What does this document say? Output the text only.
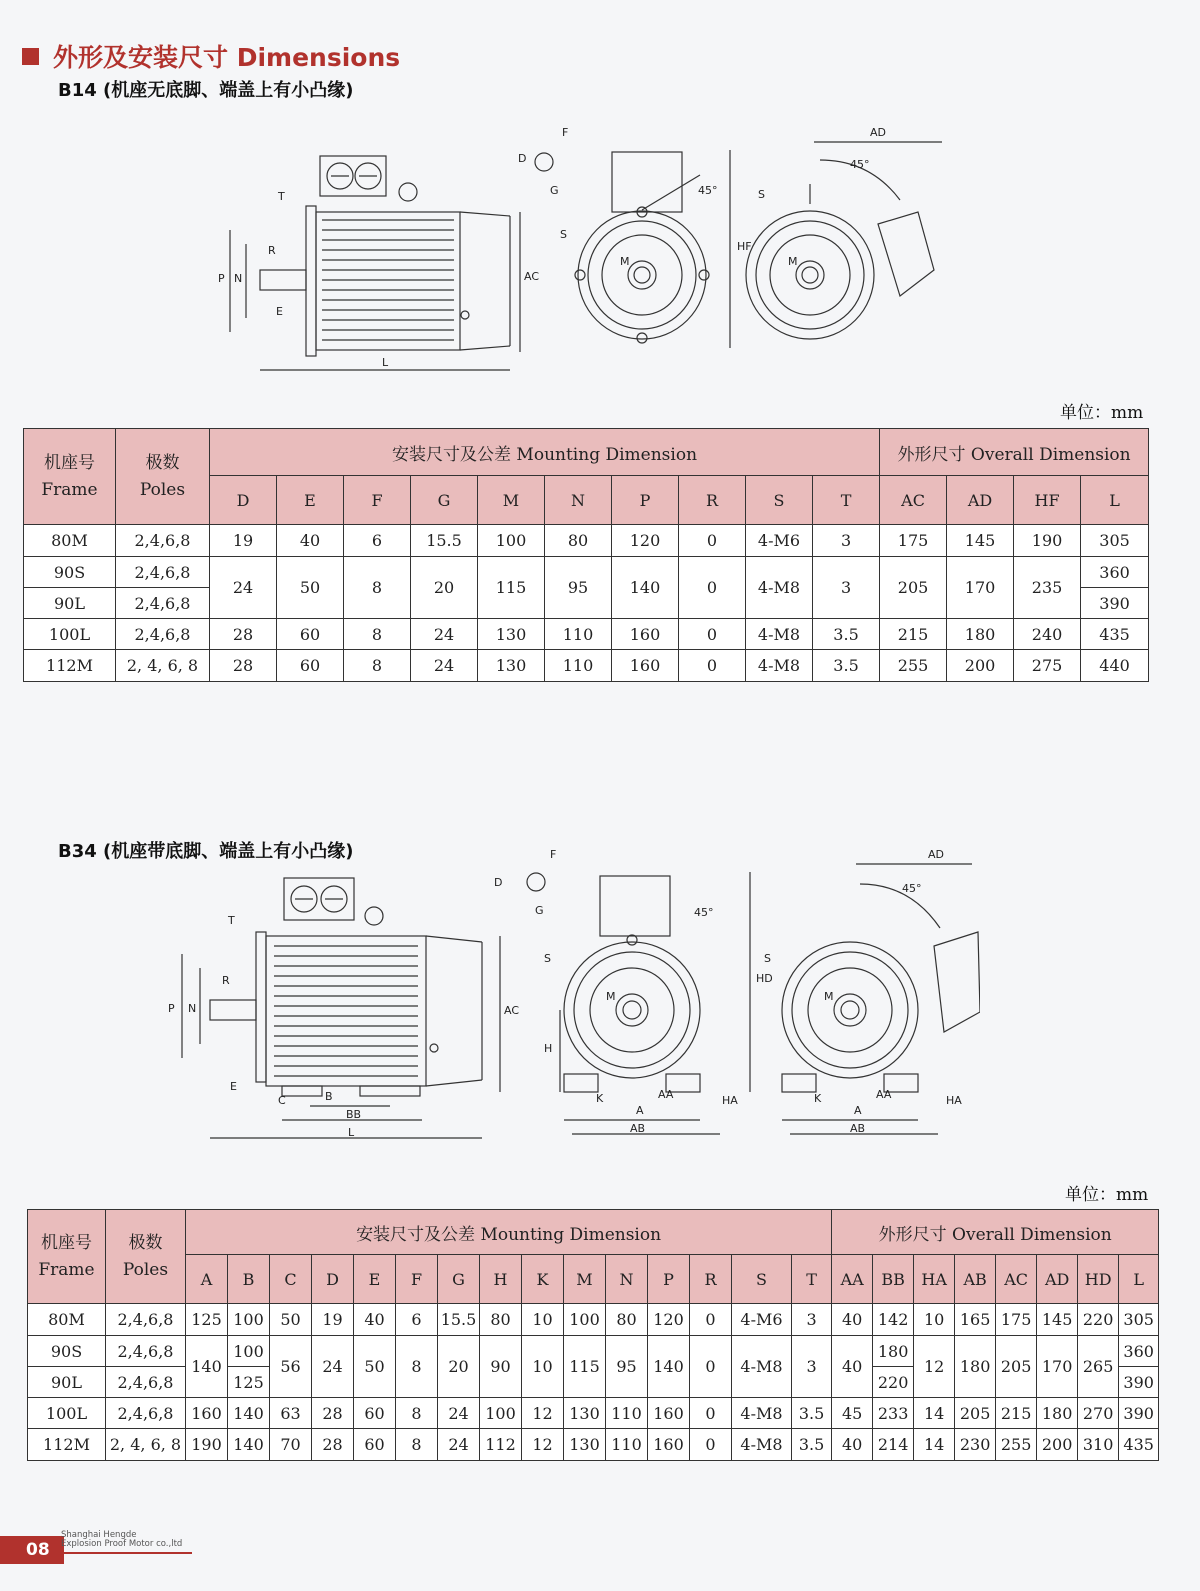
外形及安装尺寸 Dimensions
B14 (机座无底脚、端盖上有小凸缘)
T
R
P N
E
L
AC
D
G
F
S
M
45°
HF
AD
45°
S
M
单位：mm
机座号
Frame	极数
Poles	安装尺寸及公差 Mounting Dimension										外形尺寸 Overall Dimension			
		D	E	F	G	M	N	P	R	S	T	AC	AD	HF	L
80M	2,4,6,8	19	40	6	15.5	100	80	120	0	4-M6	3	175	145	190	305
90S	2,4,6,8	24	50	8	20	115	95	140	0	4-M8	3	205	170	235	360
90L	2,4,6,8														390
100L	2,4,6,8	28	60	8	24	130	110	160	0	4-M8	3.5	215	180	240	435
112M	2, 4, 6, 8	28	60	8	24	130	110	160	0	4-M8	3.5	255	200	275	440
B34 (机座带底脚、端盖上有小凸缘)
T
R
P N
E
C	B
BB
L
AC
D
G
F
S
M
45°
HD
H
K
A
AB
AA	HA
AD
45°
S
M
K
A
AB
AA	HA
单位：mm
机座号
Frame	极数
Poles	安装尺寸及公差 Mounting Dimension															外形尺寸 Overall Dimension							
		A	B	C	D	E	F	G	H	K	M	N	P	R	S	T	AA	BB	HA	AB	AC	AD	HD	L
80M	2,4,6,8	125	100	50	19	40	6	15.5	80	10	100	80	120	0	4-M6	3	40	142	10	165	175	145	220	305
90S	2,4,6,8	140	100	56	24	50	8	20	90	10	115	95	140	0	4-M8	3	40	180	12	180	205	170	265	360
90L	2,4,6,8		125															220						390
100L	2,4,6,8	160	140	63	28	60	8	24	100	12	130	110	160	0	4-M8	3.5	45	233	14	205	215	180	270	390
112M	2, 4, 6, 8	190	140	70	28	60	8	24	112	12	130	110	160	0	4-M8	3.5	40	214	14	230	255	200	310	435
08
Shanghai Hengde
Explosion Proof Motor co.,ltd
